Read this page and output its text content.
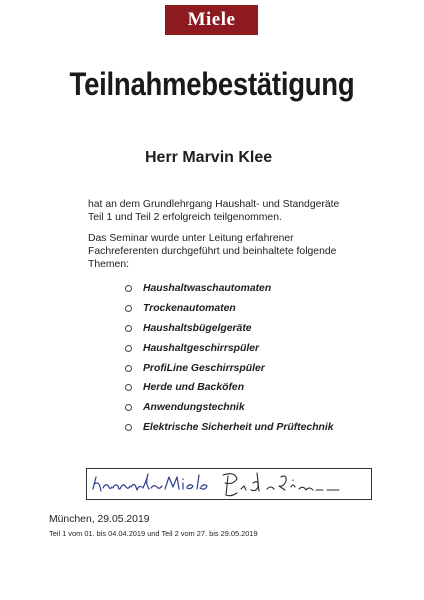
Miele
Teilnahmebestätigung
Herr Marvin Klee
hat an dem Grundlehrgang Haushalt- und Standgeräte
Teil 1 und Teil 2 erfolgreich teilgenommen.
Das Seminar wurde unter Leitung erfahrener
Fachreferenten durchgeführt und beinhaltete folgende
Themen:
Haushaltwaschautomaten
Trockenautomaten
Haushaltsbügelgeräte
Haushaltgeschirrspüler
ProfiLine Geschirrspüler
Herde und Backöfen
Anwendungstechnik
Elektrische Sicherheit und Prüftechnik
München, 29.05.2019
Teil 1 vom 01. bis 04.04.2019 und Teil 2 vom 27. bis 29.05.2019
